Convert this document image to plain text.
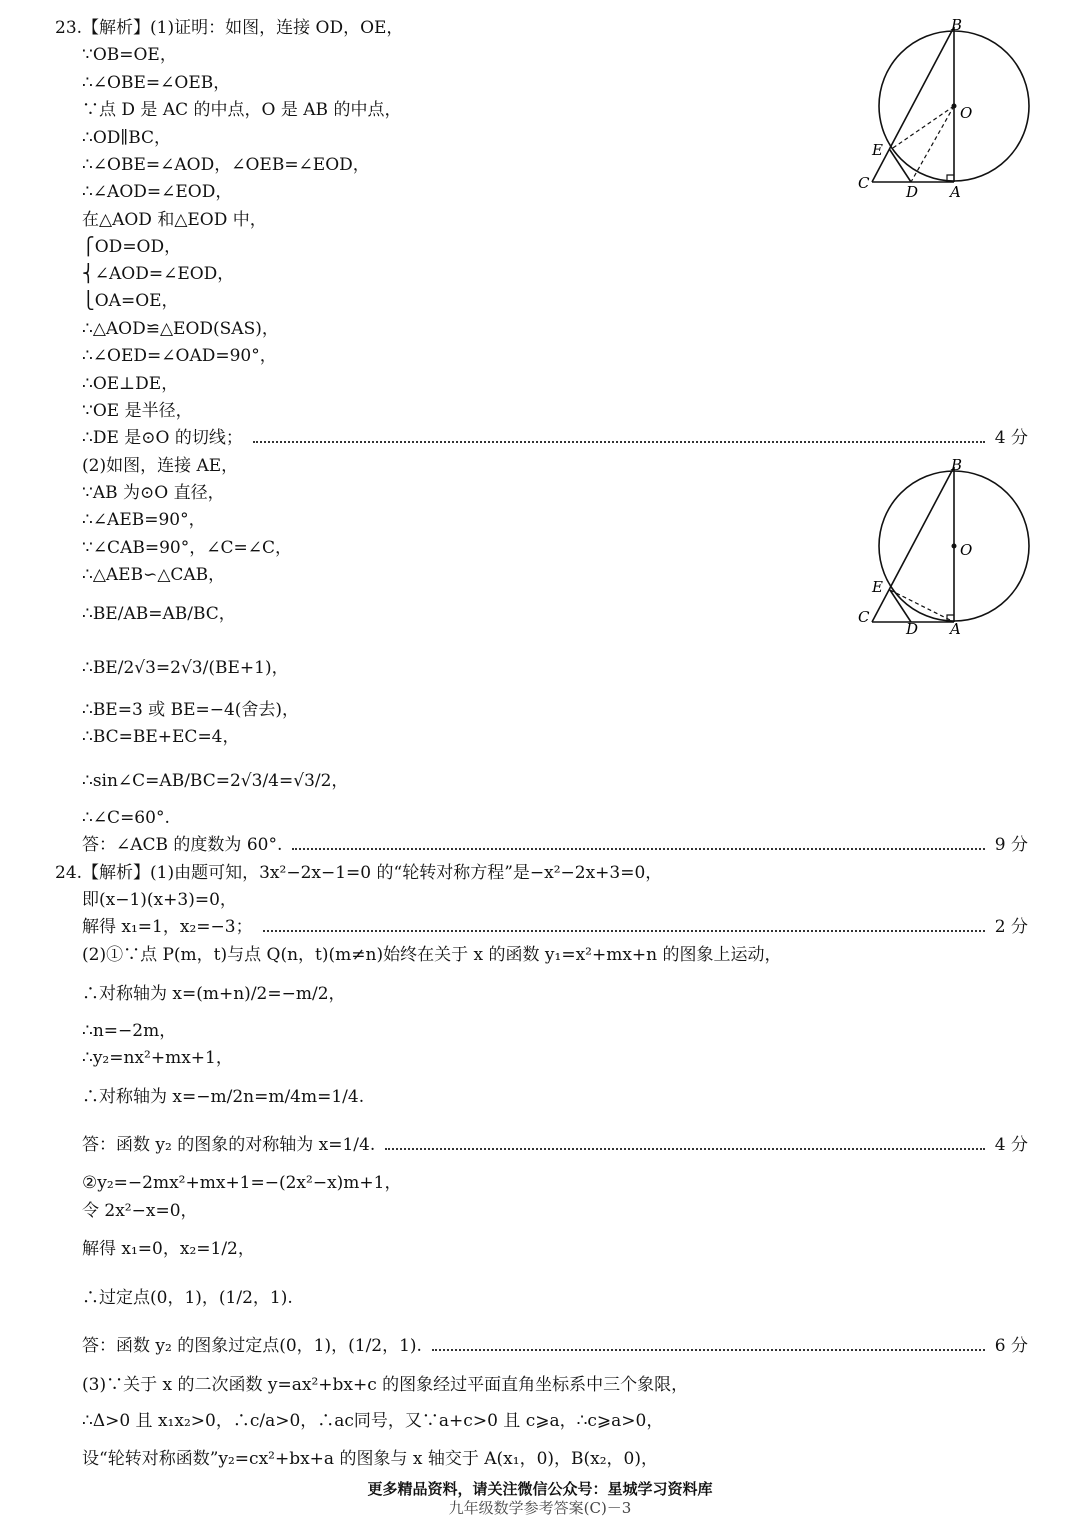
23.【解析】(1)证明：如图，连接 OD，OE，
∵OB=OE，
∴∠OBE=∠OEB，
∵点 D 是 AC 的中点，O 是 AB 的中点，
∴OD∥BC，
∴∠OBE=∠AOD，∠OEB=∠EOD，
∴∠AOD=∠EOD，
在△AOD 和△EOD 中，
⎧OD=OD，
⎨∠AOD=∠EOD，
⎩OA=OE，
∴△AOD≌△EOD(SAS)，
∴∠OED=∠OAD=90°，
∴OE⊥DE，
∵OE 是半径，
∴DE 是⊙O 的切线；	4 分
(2)如图，连接 AE，
∵AB 为⊙O 直径，
∴∠AEB=90°，
∵∠CAB=90°，∠C=∠C，
∴△AEB∽△CAB，
∴BE/AB=AB/BC，
∴BE/2√3=2√3/(BE+1)，
∴BE=3 或 BE=−4(舍去)，
∴BC=BE+EC=4，
∴sin∠C=AB/BC=2√3/4=√3/2，
∴∠C=60°.
答：∠ACB 的度数为 60°.	9 分
B
O
E
C D A
B
O
E
C
D A
24.【解析】(1)由题可知，3x²−2x−1=0 的“轮转对称方程”是−x²−2x+3=0，
即(x−1)(x+3)=0，
解得 x₁=1，x₂=−3；	2 分
(2)①∵点 P(m，t)与点 Q(n，t)(m≠n)始终在关于 x 的函数 y₁=x²+mx+n 的图象上运动，
∴对称轴为 x=(m+n)/2=−m/2，
∴n=−2m，
∴y₂=nx²+mx+1，
∴对称轴为 x=−m/2n=m/4m=1/4.
答：函数 y₂ 的图象的对称轴为 x=1/4.	4 分
②y₂=−2mx²+mx+1=−(2x²−x)m+1，
令 2x²−x=0，
解得 x₁=0，x₂=1/2，
∴过定点(0，1)，(1/2，1).
答：函数 y₂ 的图象过定点(0，1)，(1/2，1).	6 分
(3)∵关于 x 的二次函数 y=ax²+bx+c 的图象经过平面直角坐标系中三个象限，
∴Δ>0 且 x₁x₂>0，∴c/a>0，∴ac同号，又∵a+c>0 且 c⩾a，∴c⩾a>0，
设“轮转对称函数”y₂=cx²+bx+a 的图象与 x 轴交于 A(x₁，0)，B(x₂，0)，
更多精品资料，请关注微信公众号：星城学习资料库
九年级数学参考答案(C)－3
